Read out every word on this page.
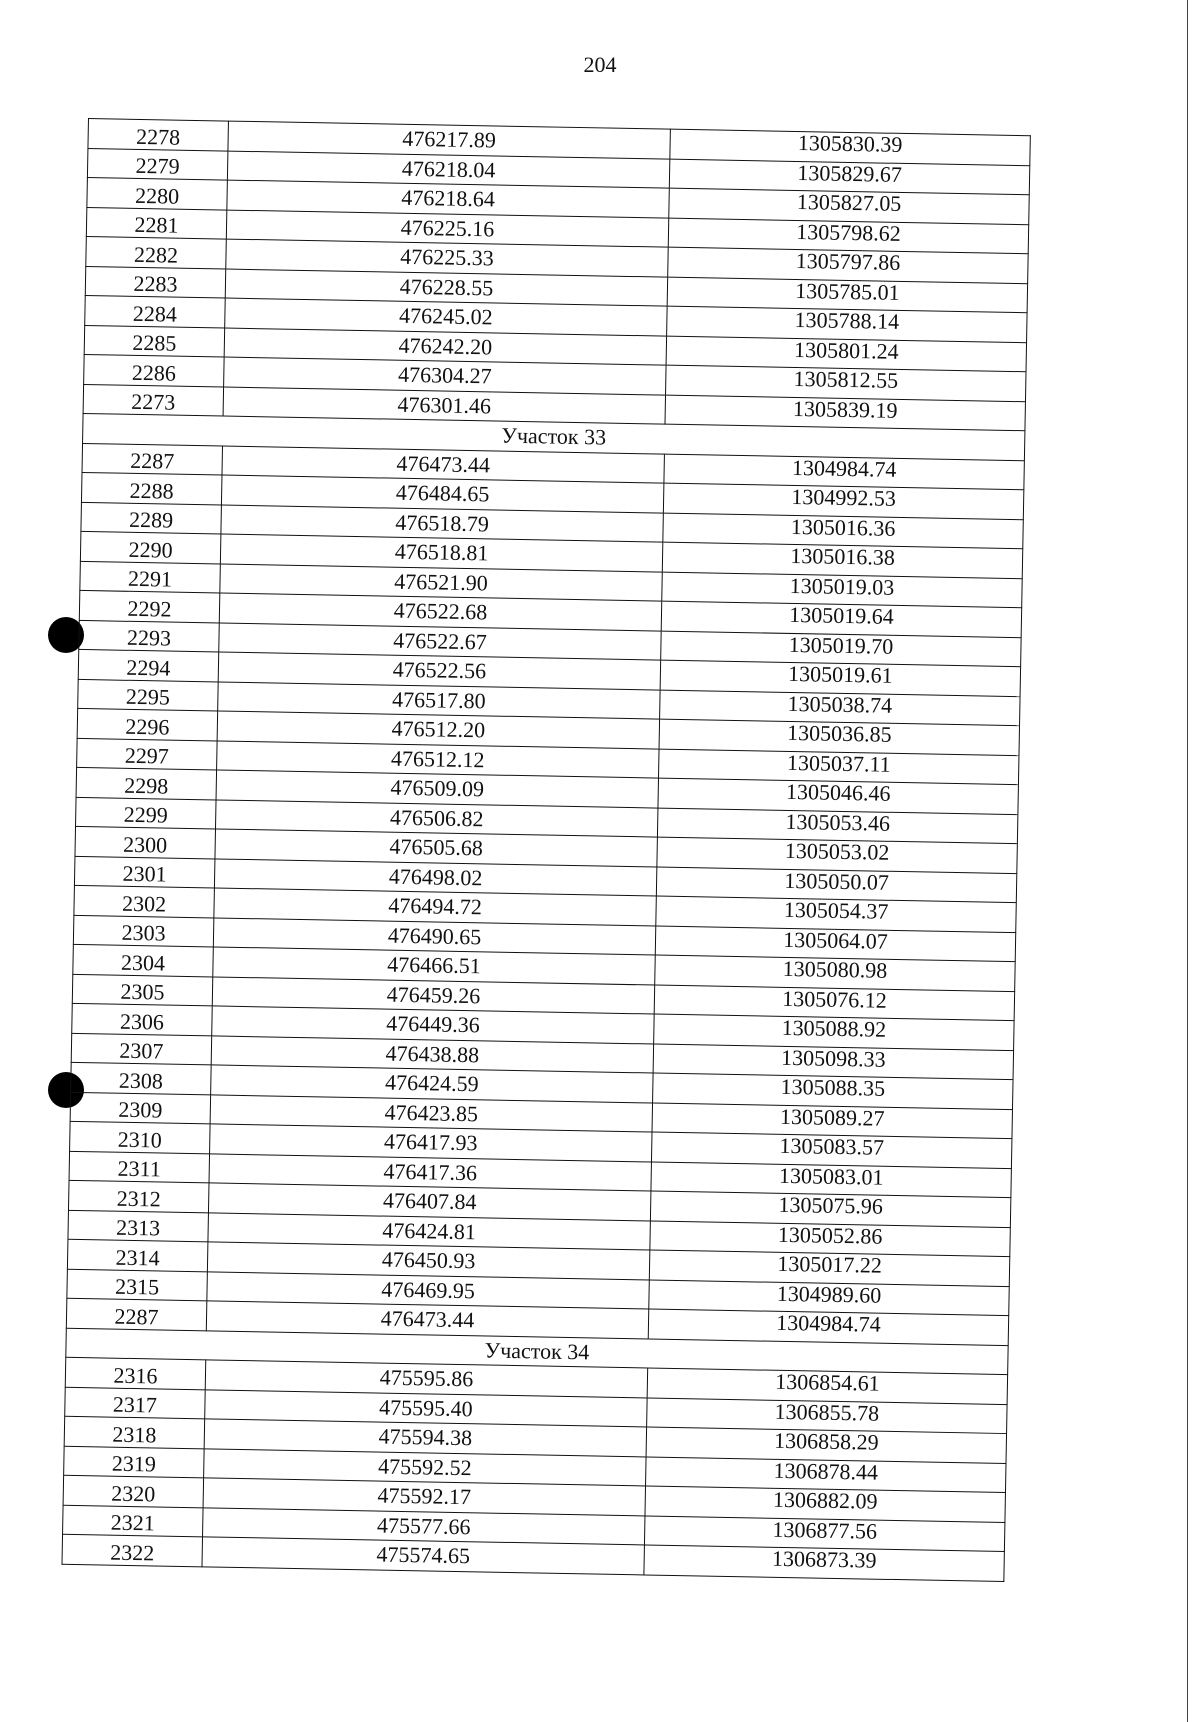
204
2278	476217.89	1305830.39
2279	476218.04	1305829.67
2280	476218.64	1305827.05
2281	476225.16	1305798.62
2282	476225.33	1305797.86
2283	476228.55	1305785.01
2284	476245.02	1305788.14
2285	476242.20	1305801.24
2286	476304.27	1305812.55
2273	476301.46	1305839.19
Участок 33		
2287	476473.44	1304984.74
2288	476484.65	1304992.53
2289	476518.79	1305016.36
2290	476518.81	1305016.38
2291	476521.90	1305019.03
2292	476522.68	1305019.64
2293	476522.67	1305019.70
2294	476522.56	1305019.61
2295	476517.80	1305038.74
2296	476512.20	1305036.85
2297	476512.12	1305037.11
2298	476509.09	1305046.46
2299	476506.82	1305053.46
2300	476505.68	1305053.02
2301	476498.02	1305050.07
2302	476494.72	1305054.37
2303	476490.65	1305064.07
2304	476466.51	1305080.98
2305	476459.26	1305076.12
2306	476449.36	1305088.92
2307	476438.88	1305098.33
2308	476424.59	1305088.35
2309	476423.85	1305089.27
2310	476417.93	1305083.57
2311	476417.36	1305083.01
2312	476407.84	1305075.96
2313	476424.81	1305052.86
2314	476450.93	1305017.22
2315	476469.95	1304989.60
2287	476473.44	1304984.74
Участок 34		
2316	475595.86	1306854.61
2317	475595.40	1306855.78
2318	475594.38	1306858.29
2319	475592.52	1306878.44
2320	475592.17	1306882.09
2321	475577.66	1306877.56
2322	475574.65	1306873.39
